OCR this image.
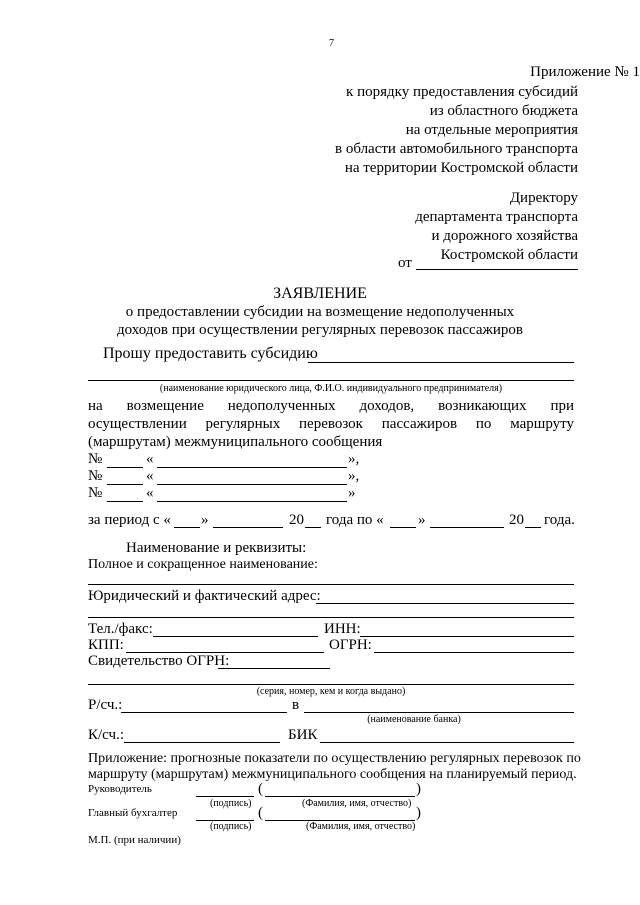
7
Приложение № 1
к порядку предоставления субсидий
из областного бюджета
на отдельные мероприятия
в области автомобильного транспорта
на территории Костромской области
Директору
департамента транспорта
и дорожного хозяйства
Костромской области
от
ЗАЯВЛЕНИЕ
о предоставлении субсидии на возмещение недополученных
доходов при осуществлении регулярных перевозок пассажиров
Прошу предоставить субсидию
(наименование юридического лица, Ф.И.О. индивидуального предпринимателя)
на возмещение недополученных доходов, возникающих при
осуществлении регулярных перевозок пассажиров по маршруту
(маршрутам) межмуниципального сообщения
№	«	»,
№	«	»,
№	«	»
за период с « »	20 года по « »	20 года.
Наименование и реквизиты:
Полное и сокращенное наименование:
Юридический и фактический адрес:
Тел./факс:	ИНН:
КПП:	ОГРН:
Свидетельство ОГРН:
(серия, номер, кем и когда выдано)
Р/сч.:	в
(наименование банка)
К/сч.:	БИК
Приложение: прогнозные показатели по осуществлению регулярных перевозок по
маршруту (маршрутам) межмуниципального сообщения на планируемый период.
Руководитель	(	)
(подпись)	(Фамилия, имя, отчество)
Главный бухгалтер	(	)
(подпись)	(Фамилия, имя, отчество)
М.П. (при наличии)
